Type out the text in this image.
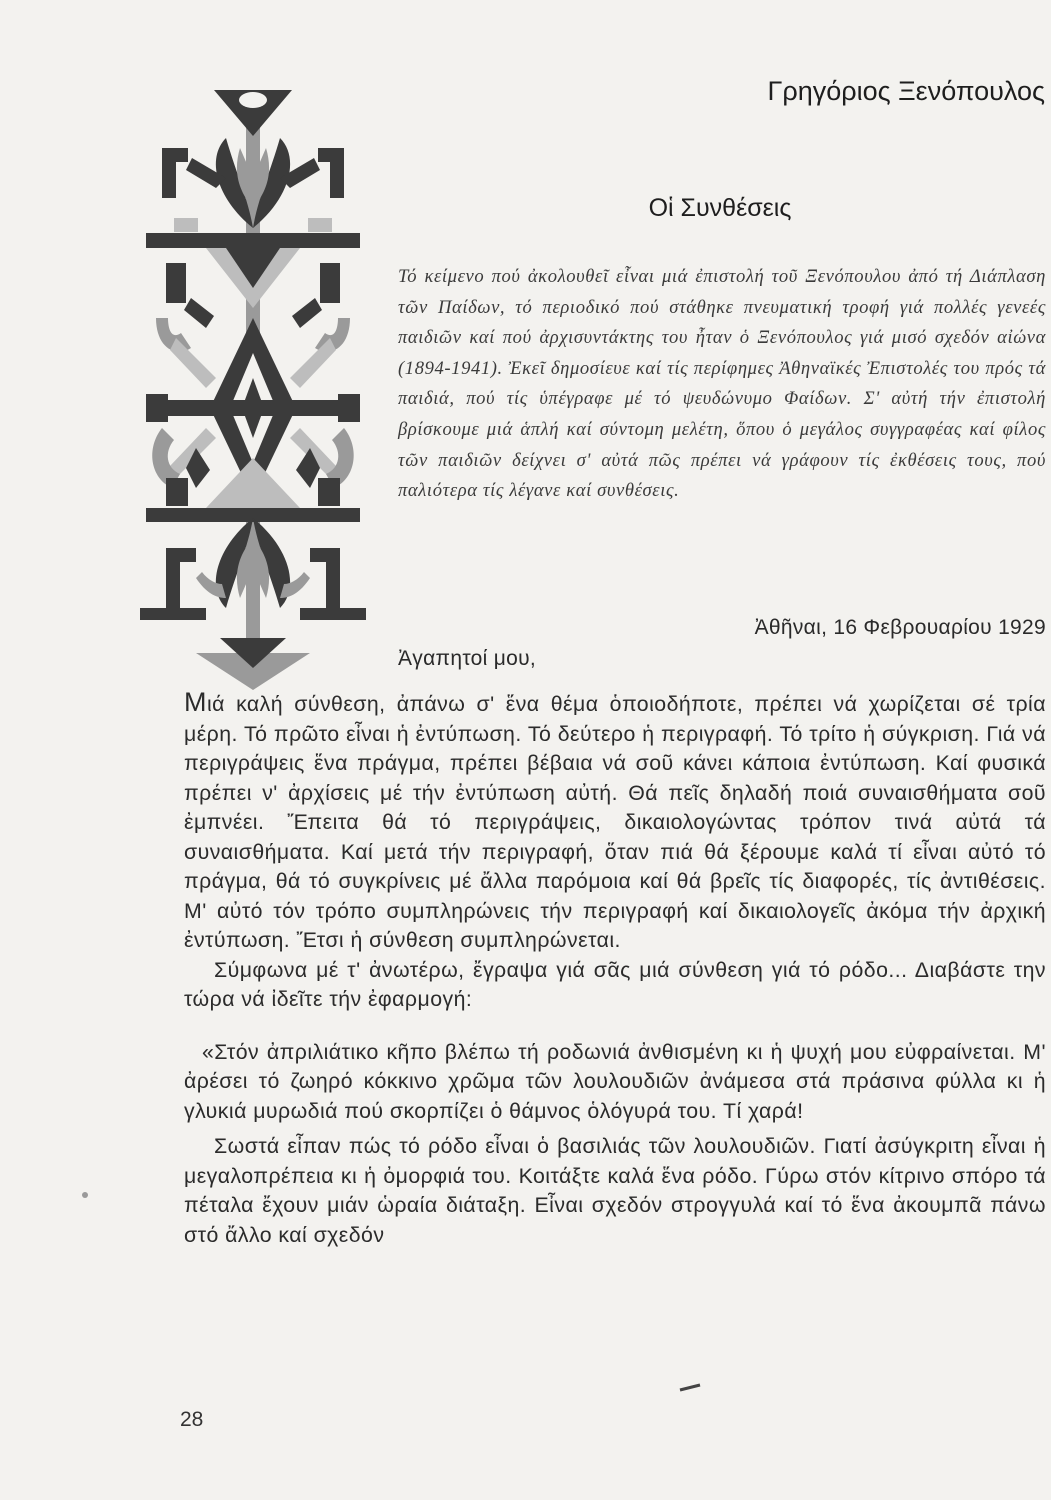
Γρηγόριος Ξενόπουλος
Οἱ Συνθέσεις
Τό κείμενο πού ἀκολουθεῖ εἶναι μιά ἐπιστολή τοῦ Ξενόπουλου ἀπό τή Διάπλαση τῶν Παίδων, τό περιοδικό πού στάθηκε πνευματική τροφή γιά πολλές γενεές παιδιῶν καί πού ἀρχισυντάκτης του ἦταν ὁ Ξενόπουλος γιά μισό σχεδόν αἰώνα (1894-1941). Ἐκεῖ δημοσίευε καί τίς περίφημες Ἀθηναϊκές Ἐπιστολές του πρός τά παιδιά, πού τίς ὑπέγραφε μέ τό ψευδώνυμο Φαίδων. Σ' αὐτή τήν ἐπιστολή βρίσκουμε μιά ἁπλή καί σύντομη μελέτη, ὅπου ὁ μεγάλος συγγραφέας καί φίλος τῶν παιδιῶν δείχνει σ' αὐτά πῶς πρέπει νά γράφουν τίς ἐκθέσεις τους, πού παλιότερα τίς λέγανε καί συνθέσεις.
Ἀθῆναι, 16 Φεβρουαρίου 1929
Ἀγαπητοί μου,

Μιά καλή σύνθεση, ἀπάνω σ' ἕνα θέμα ὁποιοδήποτε, πρέπει νά χωρίζεται σέ τρία μέρη. Τό πρῶτο εἶναι ἡ ἐντύπωση. Τό δεύτερο ἡ περιγραφή. Τό τρίτο ἡ σύγκριση. Γιά νά περιγράψεις ἕνα πράγμα, πρέπει βέβαια νά σοῦ κάνει κάποια ἐντύπωση. Καί φυσικά πρέπει ν' ἀρχίσεις μέ τήν ἐντύπωση αὐτή. Θά πεῖς δηλαδή ποιά συναισθήματα σοῦ ἐμπνέει. Ἔπειτα θά τό περιγράψεις, δικαιολογώντας τρόπον τινά αὐτά τά συναισθήματα. Καί μετά τήν περιγραφή, ὅταν πιά θά ξέρουμε καλά τί εἶναι αὐτό τό πράγμα, θά τό συγκρίνεις μέ ἄλλα παρόμοια καί θά βρεῖς τίς διαφορές, τίς ἀντιθέσεις. Μ' αὐτό τόν τρόπο συμπληρώνεις τήν περιγραφή καί δικαιολογεῖς ἀκόμα τήν ἀρχική ἐντύπωση. Ἔτσι ἡ σύνθεση συμπληρώνεται.

Σύμφωνα μέ τ' ἀνωτέρω, ἔγραψα γιά σᾶς μιά σύνθεση γιά τό ρόδο... Διαβάστε την τώρα νά ἰδεῖτε τήν ἐφαρμογή:

«Στόν ἀπριλιάτικο κῆπο βλέπω τή ροδωνιά ἀνθισμένη κι ἡ ψυχή μου εὐφραίνεται. Μ' ἀρέσει τό ζωηρό κόκκινο χρῶμα τῶν λουλουδιῶν ἀνάμεσα στά πράσινα φύλλα κι ἡ γλυκιά μυρωδιά πού σκορπίζει ὁ θάμνος ὁλόγυρά του. Τί χαρά!

Σωστά εἶπαν πώς τό ρόδο εἶναι ὁ βασιλιάς τῶν λουλουδιῶν. Γιατί ἀσύγκριτη εἶναι ἡ μεγαλοπρέπεια κι ἡ ὀμορφιά του. Κοιτάξτε καλά ἕνα ρόδο. Γύρω στόν κίτρινο σπόρο τά πέταλα ἔχουν μιάν ὡραία διάταξη. Εἶναι σχεδόν στρογγυλά καί τό ἕνα ἀκουμπᾶ πάνω στό ἄλλο καί σχεδόν

28
